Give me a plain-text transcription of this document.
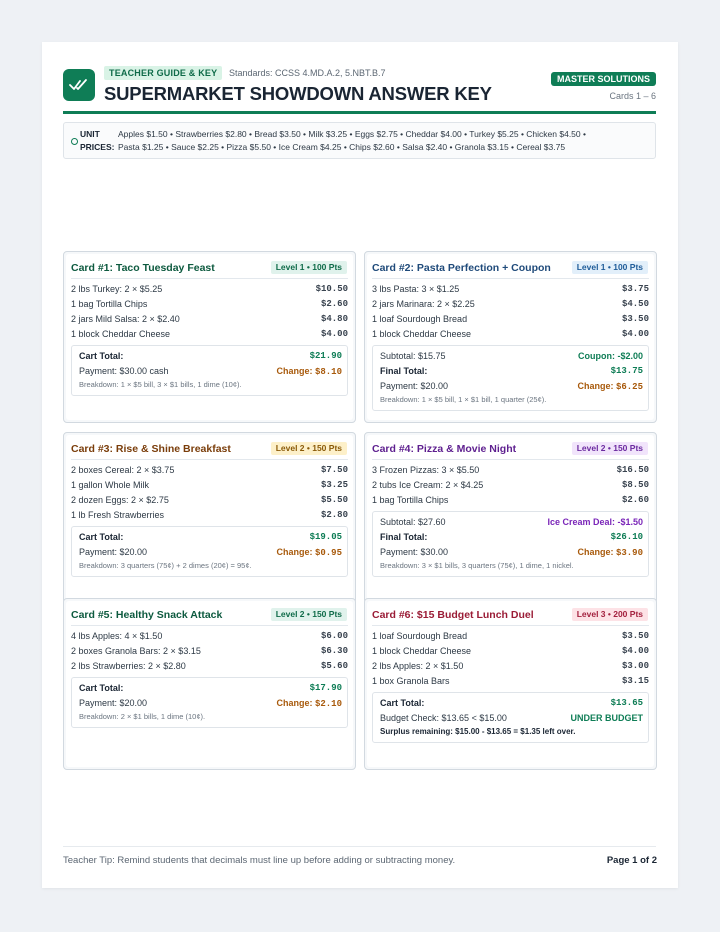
TEACHER GUIDE & KEY	Standards: CCSS 4.MD.A.2, 5.NBT.B.7
SUPERMARKET SHOWDOWN ANSWER KEY
MASTER SOLUTIONS
Cards 1 – 6
UNIT
PRICES:
Apples $1.50 • Strawberries $2.80 • Bread $3.50 • Milk $3.25 • Eggs $2.75 • Cheddar $4.00 • Turkey $5.25 • Chicken $4.50 •
Pasta $1.25 • Sauce $2.25 • Pizza $5.50 • Ice Cream $4.25 • Chips $2.60 • Salsa $2.40 • Granola $3.15 • Cereal $3.75
Card #1: Taco Tuesday Feast	Level 1 • 100 Pts
2 lbs Turkey: 2 × $5.25	$10.50
1 bag Tortilla Chips	$2.60
2 jars Mild Salsa: 2 × $2.40	$4.80
1 block Cheddar Cheese	$4.00
Cart Total:	$21.90
Payment: $30.00 cash	Change: $8.10
Breakdown: 1 × $5 bill, 3 × $1 bills, 1 dime (10¢).
Card #2: Pasta Perfection + Coupon	Level 1 • 100 Pts
3 lbs Pasta: 3 × $1.25	$3.75
2 jars Marinara: 2 × $2.25	$4.50
1 loaf Sourdough Bread	$3.50
1 block Cheddar Cheese	$4.00
Subtotal: $15.75	Coupon: -$2.00
Final Total:	$13.75
Payment: $20.00	Change: $6.25
Breakdown: 1 × $5 bill, 1 × $1 bill, 1 quarter (25¢).
Card #3: Rise & Shine Breakfast	Level 2 • 150 Pts
2 boxes Cereal: 2 × $3.75	$7.50
1 gallon Whole Milk	$3.25
2 dozen Eggs: 2 × $2.75	$5.50
1 lb Fresh Strawberries	$2.80
Cart Total:	$19.05
Payment: $20.00	Change: $0.95
Breakdown: 3 quarters (75¢) + 2 dimes (20¢) = 95¢.
Card #4: Pizza & Movie Night	Level 2 • 150 Pts
3 Frozen Pizzas: 3 × $5.50	$16.50
2 tubs Ice Cream: 2 × $4.25	$8.50
1 bag Tortilla Chips	$2.60
Subtotal: $27.60	Ice Cream Deal: -$1.50
Final Total:	$26.10
Payment: $30.00	Change: $3.90
Breakdown: 3 × $1 bills, 3 quarters (75¢), 1 dime, 1 nickel.
Card #5: Healthy Snack Attack	Level 2 • 150 Pts
4 lbs Apples: 4 × $1.50	$6.00
2 boxes Granola Bars: 2 × $3.15	$6.30
2 lbs Strawberries: 2 × $2.80	$5.60
Cart Total:	$17.90
Payment: $20.00	Change: $2.10
Breakdown: 2 × $1 bills, 1 dime (10¢).
Card #6: $15 Budget Lunch Duel	Level 3 • 200 Pts
1 loaf Sourdough Bread	$3.50
1 block Cheddar Cheese	$4.00
2 lbs Apples: 2 × $1.50	$3.00
1 box Granola Bars	$3.15
Cart Total:	$13.65
Budget Check: $13.65 < $15.00	UNDER BUDGET
Surplus remaining: $15.00 - $13.65 = $1.35 left over.
Teacher Tip: Remind students that decimals must line up before adding or subtracting money.	Page 1 of 2
